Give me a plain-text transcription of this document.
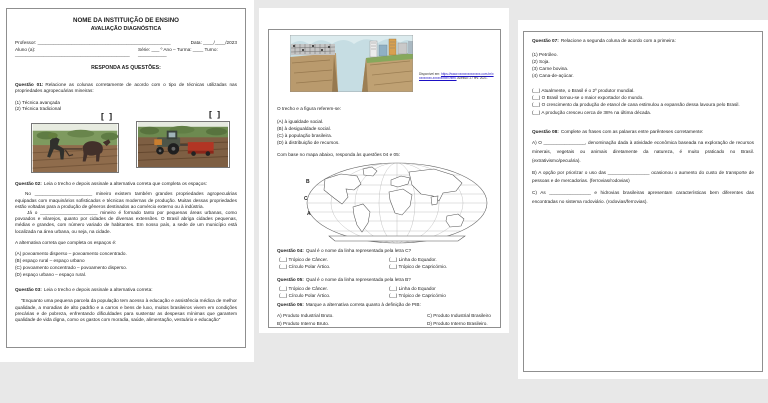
NOME DA INSTITUIÇÃO DE ENSINO
AVALIAÇÃO DIAGNÓSTICA
Professor: ___________________________________________________	Data: ____/____/2023
Aluno (a): ____________________________________________
Série: ___ º Ano – Turma: ____ Turno: ___________
RESPONDA AS QUESTÕES:

Questão 01: Relacione as colunas corretamente de acordo com o tipo de técnicas utilizadas nas propriedades agropecuárias mineiras:

(1) Técnica avançada
(2) Técnica tradicional
[ ]	[ ]

Questão 02: Leia o trecho e depois assinale a alternativa correta que completa os espaços:

No ______________________ mineiro existem também grandes propriedades agropecuárias equipadas com maquinários sofisticados e técnicas modernas de produção. Muitas dessas propriedades estão voltadas para a produção de gêneros destinados ao comércio externo ou à indústria.

Já o ______________________ mineiro é formado tanto por pequenas áreas urbanas, como povoados e vilarejos, quanto por cidades de diversas extensões. O Brasil abriga cidades pequenas, médias e grandes, com número variado de habitantes. Em nosso país, a sede de um município está localizada na área urbana, ou seja, na cidade.

A alternativa correta que completa os espaços é:

(A) povoamento disperso – povoamento concentrado.
(B) espaço rural – espaço urbano
(C) povoamento concentrado – povoamento disperso.
(D) espaço urbano – espaço rural.

Questão 03: Leia o trecho e depois assinale a alternativa correta:

“Enquanto uma pequena parcela da população tem acesso à educação e assistência médica de melhor qualidade, a moradias de alto padrão e a carros e bens de luxo, muitos brasileiros vivem em condições precárias e de pobreza, enfrentando dificuldades para sustentar as despesas mínimas que garantem qualidade de vida digna, como os gastos com moradia, saúde, alimentação, vestuário e educação”

Disponível em: https://www.xxxxxxxxxxxxxx.com.br/xxxxxxxxx-xxxxxxxxxx.html. Acesso: 27 fev. 2021.
O trecho e a figura referem-se:
(A) à igualdade social.
(B) à desigualdade social.
(C) à população brasileira.
(D) à distribuição de recursos.
Com base no mapa abaixo, responda às questões 04 e 05:
B
C
A

Questão 04: Qual é o nome da linha representada pela letra C?

(__) Trópico de Câncer.	(__) Linha do Equador.
(__) Círculo Polar Ártico.	(__) Trópico de Capricórnio.

Questão 05: Qual é o nome da linha representada pela letra B?

(__) Trópico de Câncer.	(__) Linha do Equador
(__) Círculo Polar Ártico.	(__) Trópico de Capricórnio

Questão 06: Marque a alternativa correta quanto à definição de PIB:

A) Produto Industrial Bruto.	C) Produto Industrial Brasileiro
B) Produto Interno Bruto.	D) Produto Interno Brasileiro.

Questão 07: Relacione a segunda coluna de acordo com a primeira:

(1) Petróleo.
(2) Soja.
(3) Carne bovina.
(4) Cana-de-açúcar.
(__) Atualmente, o Brasil é o 2º produtor mundial.
(__) O Brasil tornou-se o maior exportador do mundo.
(__) O crescimento da produção de etanol de cana estimulou a expansão dessa lavoura pelo Brasil.
(__) A produção cresceu cerca de 38% na última década.

Questão 08: Complete as frases com as palavras entre parênteses corretamente:

A) O ________________, denominação dada à atividade econômica baseada na exploração de recursos minerais, vegetais ou animais diretamente da natureza, é muito praticado no Brasil. (extrativismo/pecuária).

B) A opção por priorizar o uso das ________________ ocasionou o aumento do custo de transporte de pessoas e de mercadorias. (ferrovias/rodovias)

C) As ________________ e hidrovias brasileiras apresentam características bem diferentes das encontradas no sistema rodoviário. (rodovias/ferrovias).
